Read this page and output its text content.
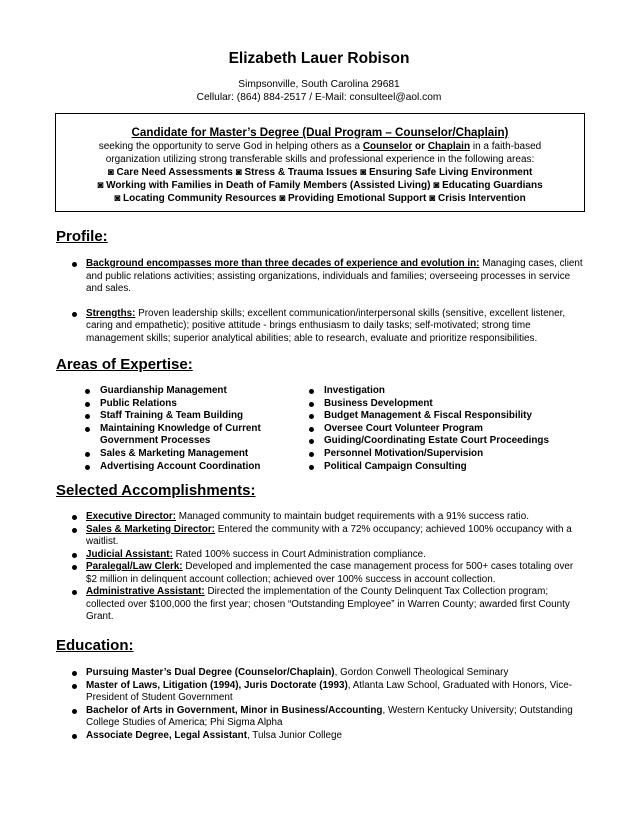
Elizabeth Lauer Robison
Simpsonville, South Carolina 29681
Cellular: (864) 884-2517 / E-Mail: consulteel@aol.com
Candidate for Master’s Degree (Dual Program – Counselor/Chaplain)
seeking the opportunity to serve God in helping others as a Counselor or Chaplain in a faith-based
organization utilizing strong transferable skills and professional experience in the following areas:
◙ Care Need Assessments ◙ Stress & Trauma Issues ◙ Ensuring Safe Living Environment
◙ Working with Families in Death of Family Members (Assisted Living) ◙ Educating Guardians
◙ Locating Community Resources ◙ Providing Emotional Support ◙ Crisis Intervention
Profile:
Background encompasses more than three decades of experience and evolution in: Managing cases, client and public relations activities; assisting organizations, individuals and families; overseeing processes in service and sales.
Strengths: Proven leadership skills; excellent communication/interpersonal skills (sensitive, excellent listener, caring and empathetic); positive attitude - brings enthusiasm to daily tasks; self-motivated; strong time management skills; superior analytical abilities; able to research, evaluate and prioritize responsibilities.
Areas of Expertise:
Guardianship Management
Public Relations
Staff Training & Team Building
Maintaining Knowledge of Current Government Processes
Sales & Marketing Management
Advertising Account Coordination
Investigation
Business Development
Budget Management & Fiscal Responsibility
Oversee Court Volunteer Program
Guiding/Coordinating Estate Court Proceedings
Personnel Motivation/Supervision
Political Campaign Consulting
Selected Accomplishments:
Executive Director: Managed community to maintain budget requirements with a 91% success ratio.
Sales & Marketing Director: Entered the community with a 72% occupancy; achieved 100% occupancy with a waitlist.
Judicial Assistant: Rated 100% success in Court Administration compliance.
Paralegal/Law Clerk: Developed and implemented the case management process for 500+ cases totaling over $2 million in delinquent account collection; achieved over 100% success in account collection.
Administrative Assistant: Directed the implementation of the County Delinquent Tax Collection program; collected over $100,000 the first year; chosen “Outstanding Employee” in Warren County; awarded first County Grant.
Education:
Pursuing Master’s Dual Degree (Counselor/Chaplain), Gordon Conwell Theological Seminary
Master of Laws, Litigation (1994), Juris Doctorate (1993), Atlanta Law School, Graduated with Honors, Vice-President of Student Government
Bachelor of Arts in Government, Minor in Business/Accounting, Western Kentucky University; Outstanding College Studies of America; Phi Sigma Alpha
Associate Degree, Legal Assistant, Tulsa Junior College
